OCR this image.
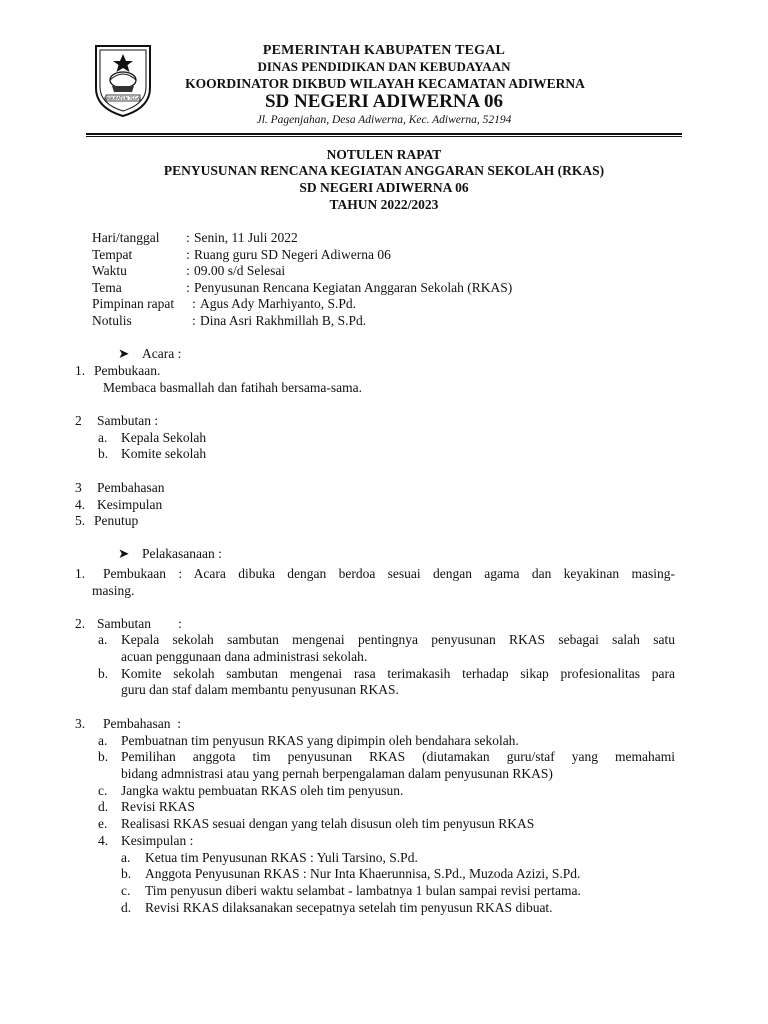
KABUPATEN TEGAL
PEMERINTAH KABUPATEN TEGAL
DINAS PENDIDIKAN DAN KEBUDAYAAN
KOORDINATOR DIKBUD WILAYAH KECAMATAN ADIWERNA
SD NEGERI ADIWERNA 06
Jl. Pagenjahan, Desa Adiwerna, Kec. Adiwerna, 52194
NOTULEN RAPAT
PENYUSUNAN RENCANA KEGIATAN ANGGARAN SEKOLAH (RKAS)
SD NEGERI ADIWERNA 06
TAHUN 2022/2023
Hari/tanggal : Senin, 11 Juli 2022
Tempat	: Ruang guru SD Negeri Adiwerna 06
Waktu	: 09.00 s/d Selesai
Tema	: Penyusunan Rencana Kegiatan Anggaran Sekolah (RKAS)
Pimpinan rapat : Agus Ady Marhiyanto, S.Pd.
Notulis	: Dina Asri Rakhmillah B, S.Pd.
➤ Acara :
1. Pembukaan.
Membaca basmallah dan fatihah bersama-sama.
2 Sambutan :
a. Kepala Sekolah
b. Komite sekolah
3 Pembahasan
4. Kesimpulan
5. Penutup
➤ Pelakasanaan :
1. Pembukaan : Acara dibuka dengan berdoa sesuai dengan agama dan keyakinan masing-
masing.
2. Sambutan        :
a. Kepala sekolah sambutan mengenai pentingnya penyusunan RKAS sebagai salah satu
acuan penggunaan dana administrasi sekolah.
b. Komite sekolah sambutan mengenai rasa terimakasih terhadap sikap profesionalitas para
guru dan staf dalam membantu penyusunan RKAS.
3. Pembahasan  :
a. Pembuatnan tim penyusun RKAS yang dipimpin oleh bendahara sekolah.
b. Pemilihan anggota tim penyusunan RKAS (diutamakan guru/staf yang memahami
bidang admnistrasi atau yang pernah berpengalaman dalam penyusunan RKAS)
c. Jangka waktu pembuatan RKAS oleh tim penyusun.
d. Revisi RKAS
e. Realisasi RKAS sesuai dengan yang telah disusun oleh tim penyusun RKAS
4. Kesimpulan :
a. Ketua tim Penyusunan RKAS : Yuli Tarsino, S.Pd.
b. Anggota Penyusunan RKAS : Nur Inta Khaerunnisa, S.Pd., Muzoda Azizi, S.Pd.
c. Tim penyusun diberi waktu selambat - lambatnya 1 bulan sampai revisi pertama.
d. Revisi RKAS dilaksanakan secepatnya setelah tim penyusun RKAS dibuat.
